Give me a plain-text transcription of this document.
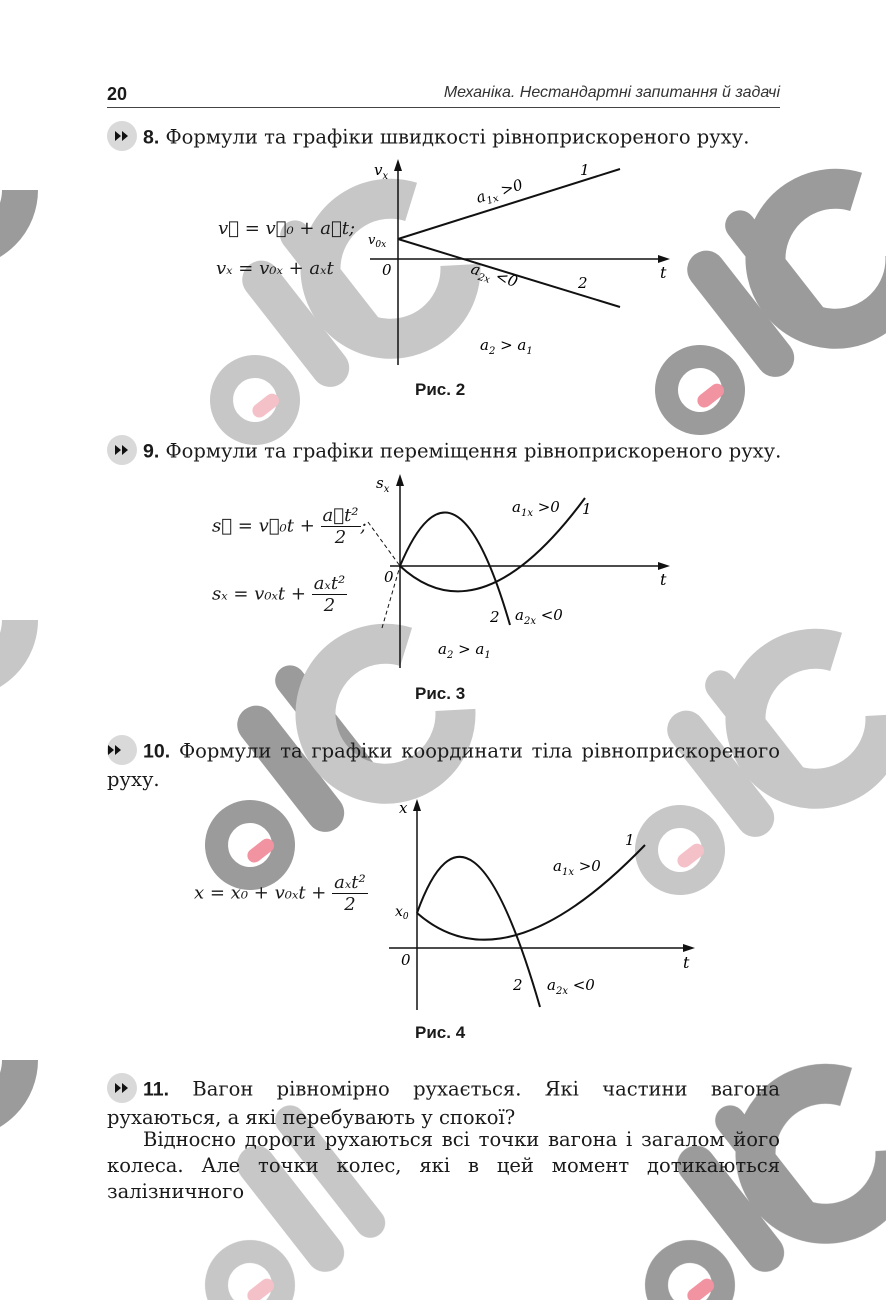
20	Механіка. Нестандартні запитання й задачі
8. Формули та графіки швидкості рівноприскореного руху.
v⃗ = v⃗₀ + a⃗t;
vₓ = v₀ₓ + aₓt
$v_x$
t
0
$v_{0x}$
1
2
$a_{1x} >0$
$a_{2x} <0$
$a_2 > a_1$
Рис. 2
9. Формули та графіки переміщення рівноприскореного руху.
s⃗ = v⃗₀t + $\frac{\text{a⃗t²}}{2}$ ;
sₓ = v₀ₓt + aₓt²
2
$s_x$
t
0
1
2
$a_{1x} >0$
$a_{2x} <0$
$a_2 > a_1$
Рис. 3
10. Формули та графіки координати тіла рівноприскореного руху.
x = x₀ + v₀ₓt + aₓt²
2
x
t
0
$x_0$
1
2
$a_{1x} >0$
$a_{2x} <0$
Рис. 4
11. Вагон рівномірно рухається. Які частини вагона рухаються, а які перебувають у спокої?
Відносно дороги рухаються всі точки вагона і загалом його колеса. Але точки колес, які в цей момент дотикаються залізничного
